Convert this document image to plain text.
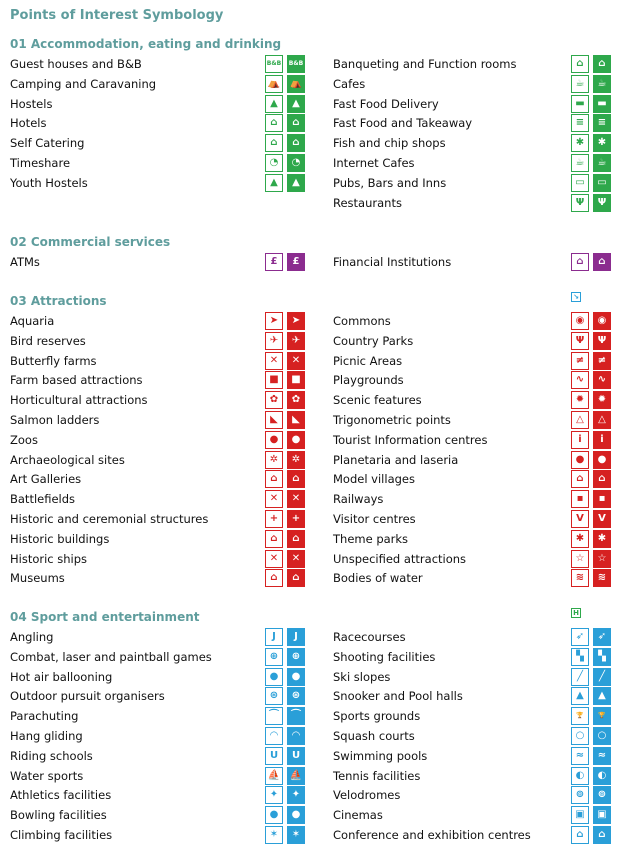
Points of Interest Symbology
01 Accommodation, eating and drinking
Guest houses and B&B	B&B	B&B
Camping and Caravaning	⛺ ⛺
Hostels	▲	▲
Hotels	⌂	⌂
Self Catering	⌂	⌂
Timeshare	◔	◔
Youth Hostels	▲	▲
Banqueting and Function rooms	⌂	⌂
Cafes	☕	☕
Fast Food Delivery	▬	▬
Fast Food and Takeaway	≡	≡
Fish and chip shops	✱	✱
Internet Cafes	☕	☕
Pubs, Bars and Inns	▭	▭
Restaurants	Ψ	Ψ
02 Commercial services
ATMs	£	£	Financial Institutions	⌂	⌂
03 Attractions
Aquaria	➤	➤
Bird reserves	✈	✈
Butterfly farms	✕	✕
Farm based attractions	■	■
Horticultural attractions	✿	✿
Salmon ladders	◣	◣
Zoos	●	●
Archaeological sites	✲	✲
Art Galleries	⌂	⌂
Battlefields	✕	✕
Historic and ceremonial structures	+	+
Historic buildings	⌂	⌂
Historic ships	✕	✕
Museums	⌂	⌂
Commons	◉	◉
Country Parks	Ψ	Ψ
Picnic Areas	≠	≠
Playgrounds	∿	∿
Scenic features	✹	✹
Trigonometric points	△	△
Tourist Information centres	i	i
Planetaria and laseria	●	●
Model villages	⌂	⌂
Railways	▪	▪
Visitor centres	V	V
Theme parks	✱	✱
Unspecified attractions	☆	☆
Bodies of water	≋	≋
04 Sport and entertainment
Angling	J	J
Combat, laser and paintball games	⊕	⊕
Hot air ballooning	●	●
Outdoor pursuit organisers	⊛	⊛
Parachuting	⌒	⌒
Hang gliding	◠	◠
Riding schools	U	U
Water sports	⛵ ⛵
Athletics facilities	✦	✦
Bowling facilities	●	●
Climbing facilities	✶	✶
Racecourses	➶	➶
Shooting facilities	▚	▚
Ski slopes	╱	╱
Snooker and Pool halls	▲	▲
Sports grounds	🏆	🏆
Squash courts	○	○
Swimming pools	≈	≈
Tennis facilities	◐	◐
Velodromes	⊚	⊚
Cinemas	▣	▣
Conference and exhibition centres	⌂	⌂
↘
H
